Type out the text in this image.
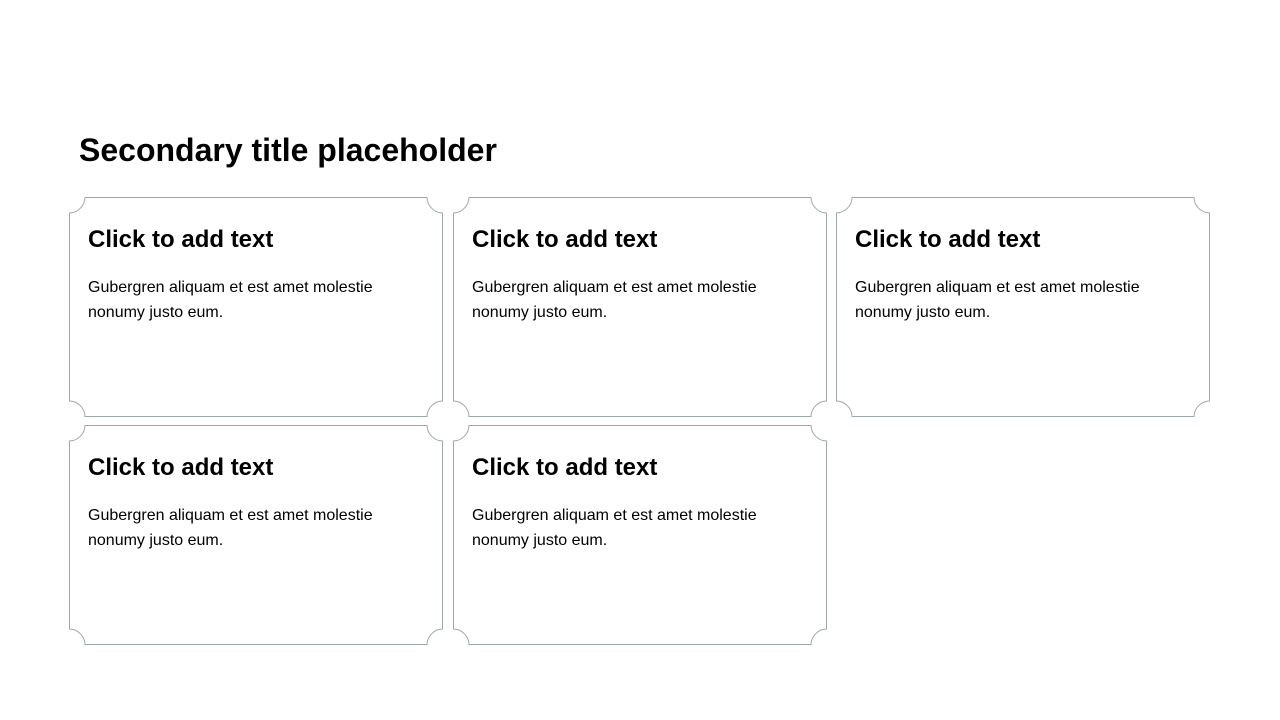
Secondary title placeholder
Click to add text

Gubergren aliquam et est amet molestie nonumy justo eum.

Click to add text

Gubergren aliquam et est amet molestie nonumy justo eum.

Click to add text

Gubergren aliquam et est amet molestie nonumy justo eum.

Click to add text

Gubergren aliquam et est amet molestie nonumy justo eum.

Click to add text

Gubergren aliquam et est amet molestie nonumy justo eum.
